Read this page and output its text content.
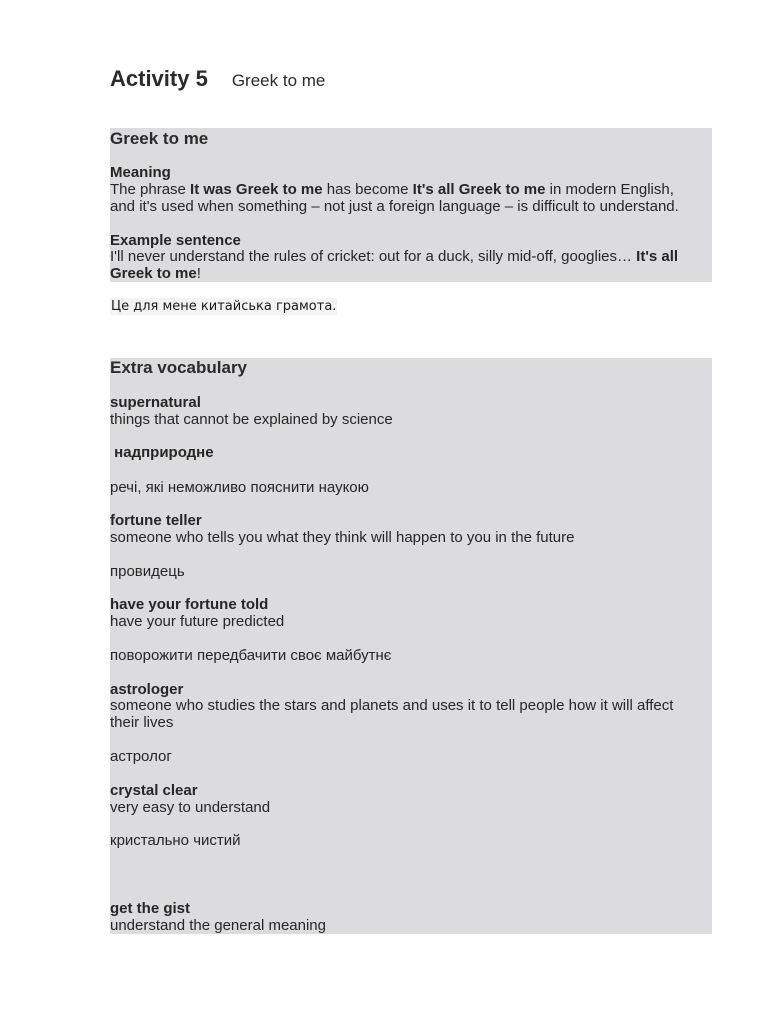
Activity 5 Greek to me
Greek to me
Meaning
The phrase It was Greek to me has become It's all Greek to me in modern English,
and it's used when something – not just a foreign language – is difficult to understand.
Example sentence
I'll never understand the rules of cricket: out for a duck, silly mid-off, googlies… It's all
Greek to me!
Це для мене китайська грамота.
Extra vocabulary
supernatural
things that cannot be explained by science
надприродне
речі, які неможливо пояснити наукою
fortune teller
someone who tells you what they think will happen to you in the future
провидець
have your fortune told
have your future predicted
поворожити передбачити своє майбутнє
astrologer
someone who studies the stars and planets and uses it to tell people how it will affect
their lives
астролог
crystal clear
very easy to understand
кристально чистий
get the gist
understand the general meaning
